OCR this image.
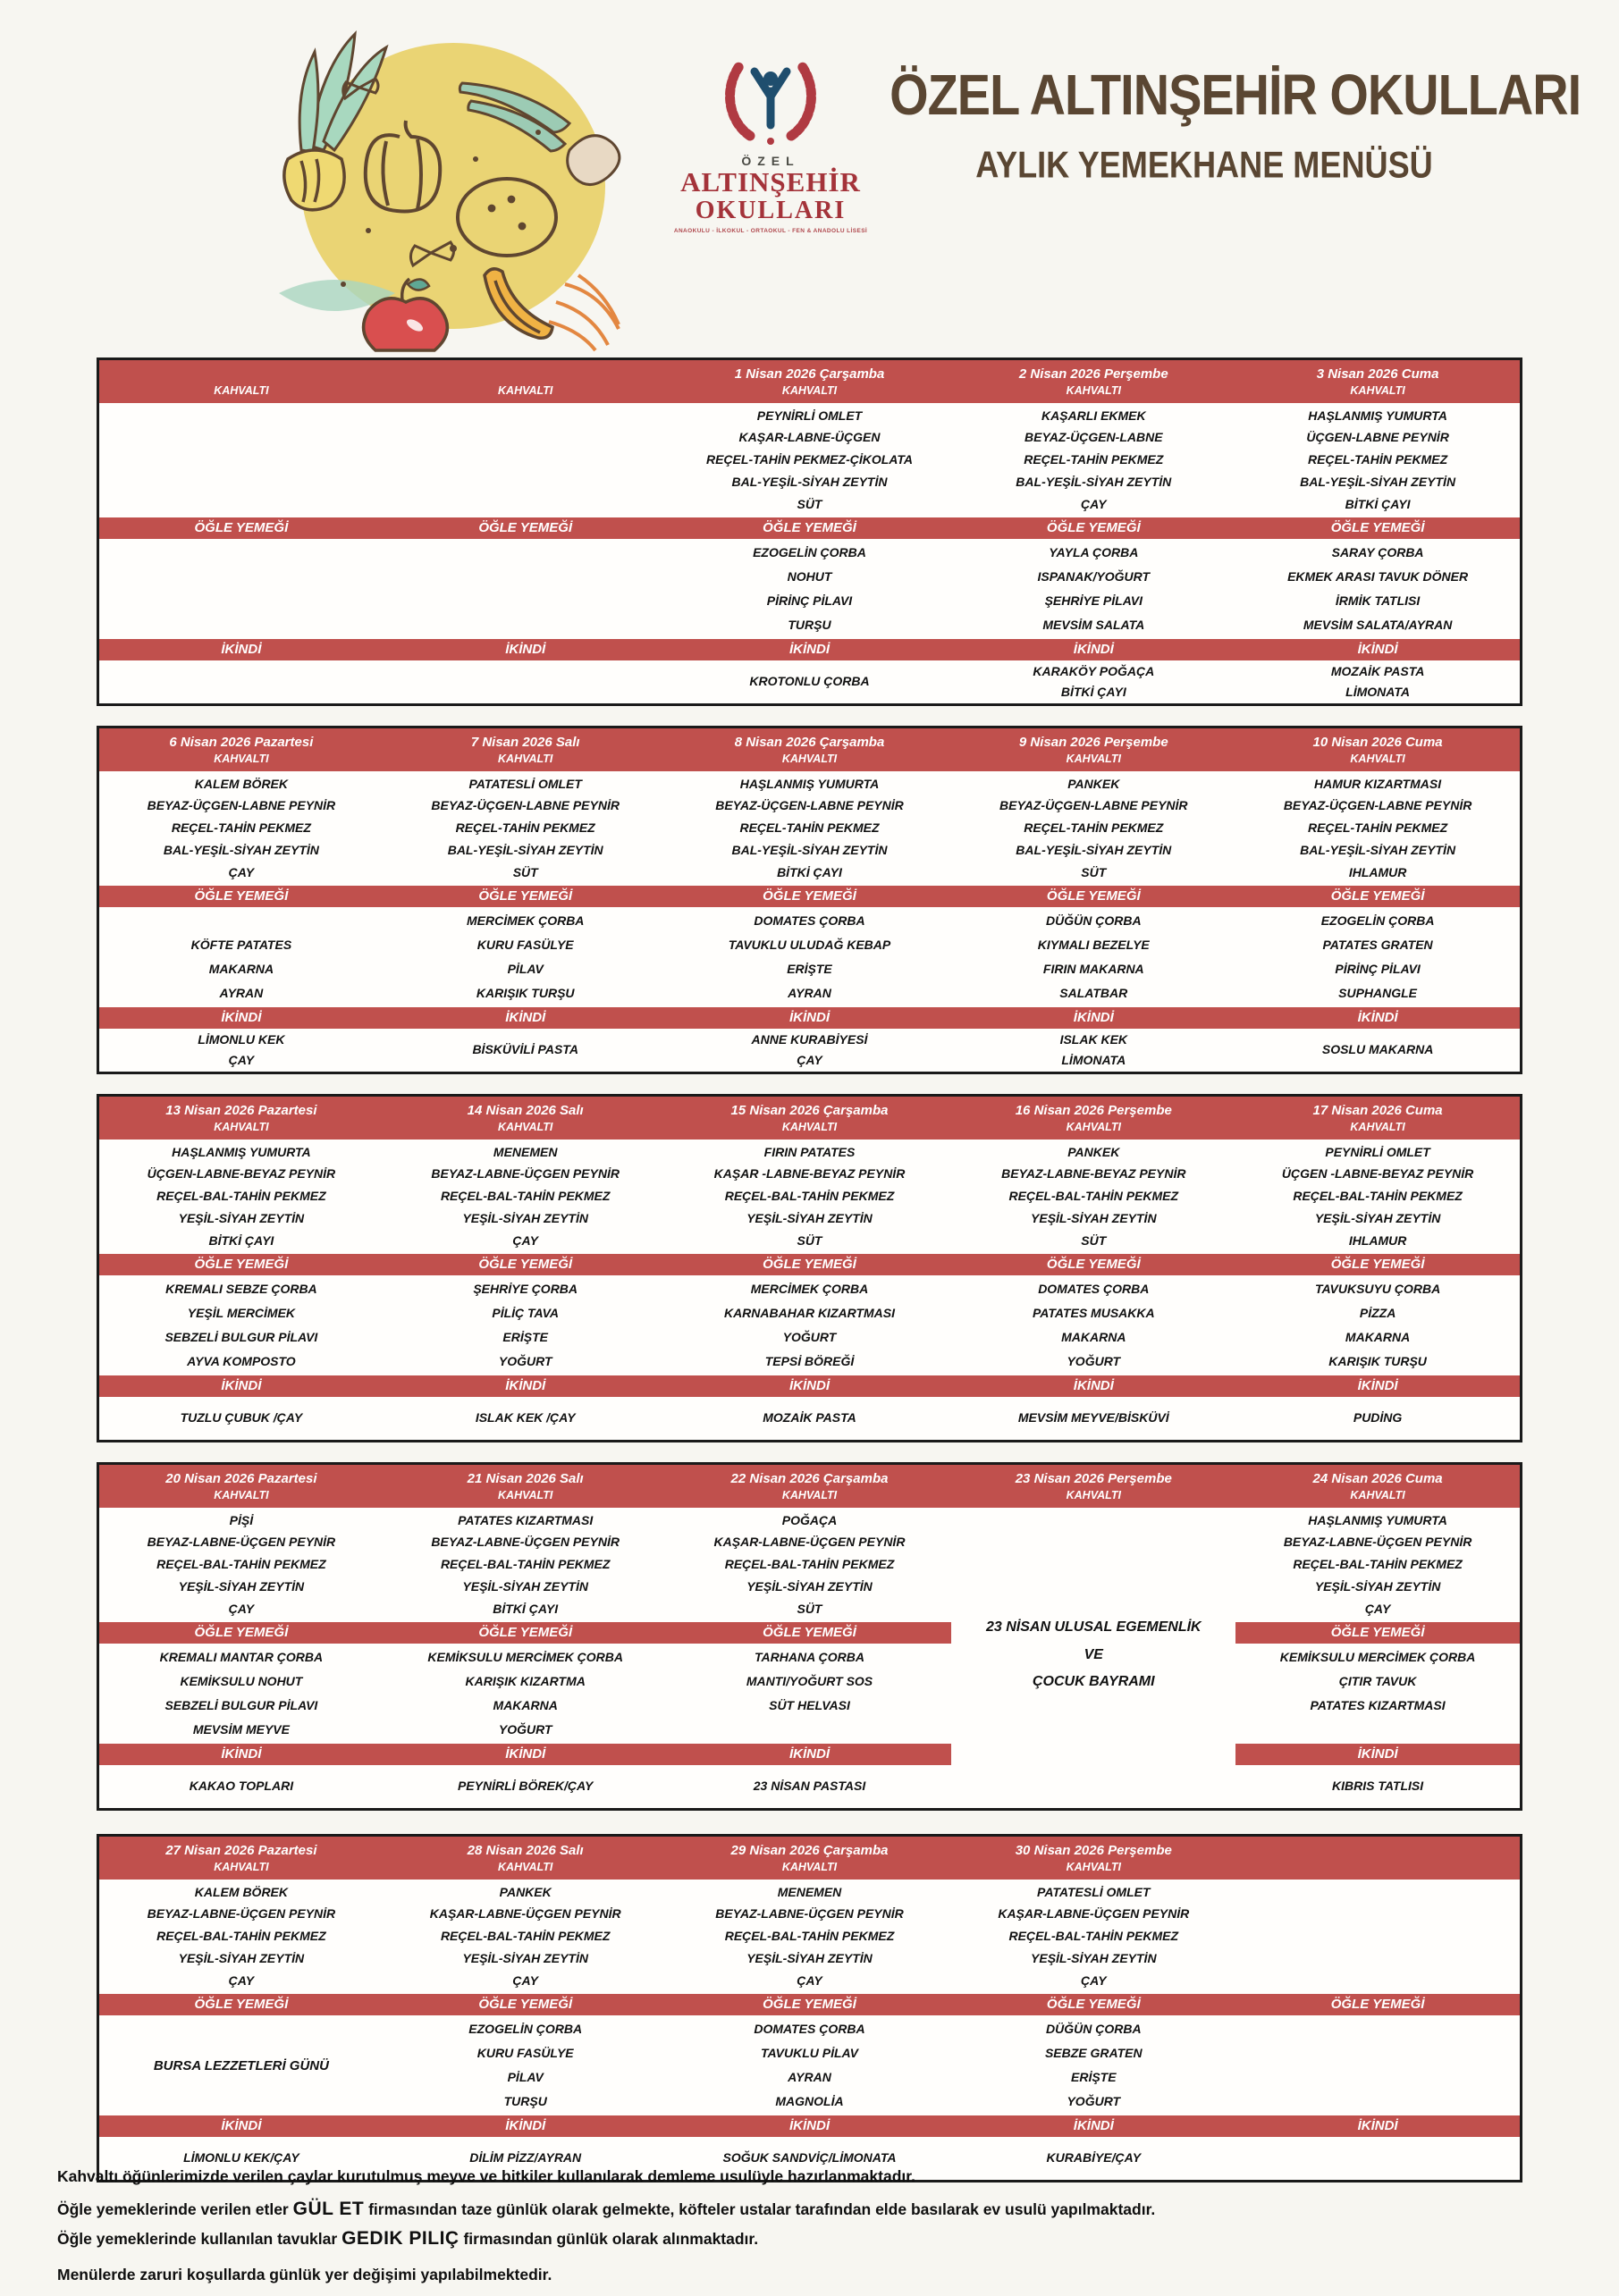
ÖZEL
ALTINŞEHİR
OKULLARI
ANAOKULU - İLKOKUL - ORTAOKUL - FEN & ANADOLU LİSESİ
ÖZEL ALTINŞEHİR OKULLARI
AYLIK YEMEKHANE MENÜSÜ

KAHVALTI
ÖĞLE YEMEĞİ
İKİNDİ

KAHVALTI
ÖĞLE YEMEĞİ
İKİNDİ
1 Nisan 2026 Çarşamba
KAHVALTI
PEYNİRLİ OMLET
KAŞAR-LABNE-ÜÇGEN
REÇEL-TAHİN PEKMEZ-ÇİKOLATA
BAL-YEŞİL-SİYAH ZEYTİN
SÜT
ÖĞLE YEMEĞİ
EZOGELİN ÇORBA
NOHUT
PİRİNÇ PİLAVI
TURŞU
İKİNDİ
KROTONLU ÇORBA
2 Nisan 2026 Perşembe
KAHVALTI
KAŞARLI EKMEK
BEYAZ-ÜÇGEN-LABNE
REÇEL-TAHİN PEKMEZ
BAL-YEŞİL-SİYAH ZEYTİN
ÇAY
ÖĞLE YEMEĞİ
YAYLA ÇORBA
ISPANAK/YOĞURT
ŞEHRİYE PİLAVI
MEVSİM SALATA
İKİNDİ
KARAKÖY POĞAÇA
BİTKİ ÇAYI
3 Nisan 2026 Cuma
KAHVALTI
HAŞLANMIŞ YUMURTA
ÜÇGEN-LABNE PEYNİR
REÇEL-TAHİN PEKMEZ
BAL-YEŞİL-SİYAH ZEYTİN
BİTKİ ÇAYI
ÖĞLE YEMEĞİ
SARAY ÇORBA
EKMEK ARASI TAVUK DÖNER
İRMİK TATLISI
MEVSİM SALATA/AYRAN
İKİNDİ
MOZAİK PASTA
LİMONATA
6 Nisan 2026 Pazartesi
KAHVALTI
KALEM BÖREK
BEYAZ-ÜÇGEN-LABNE PEYNİR
REÇEL-TAHİN PEKMEZ
BAL-YEŞİL-SİYAH ZEYTİN
ÇAY
ÖĞLE YEMEĞİ

KÖFTE PATATES
MAKARNA
AYRAN
İKİNDİ
LİMONLU KEK
ÇAY
7 Nisan 2026 Salı
KAHVALTI
PATATESLİ OMLET
BEYAZ-ÜÇGEN-LABNE PEYNİR
REÇEL-TAHİN PEKMEZ
BAL-YEŞİL-SİYAH ZEYTİN
SÜT
ÖĞLE YEMEĞİ
MERCİMEK ÇORBA
KURU FASÜLYE
PİLAV
KARIŞIK TURŞU
İKİNDİ
BİSKÜVİLİ PASTA
8 Nisan 2026 Çarşamba
KAHVALTI
HAŞLANMIŞ YUMURTA
BEYAZ-ÜÇGEN-LABNE PEYNİR
REÇEL-TAHİN PEKMEZ
BAL-YEŞİL-SİYAH ZEYTİN
BİTKİ ÇAYI
ÖĞLE YEMEĞİ
DOMATES ÇORBA
TAVUKLU ULUDAĞ KEBAP
ERİŞTE
AYRAN
İKİNDİ
ANNE KURABİYESİ
ÇAY
9 Nisan 2026 Perşembe
KAHVALTI
PANKEK
BEYAZ-ÜÇGEN-LABNE PEYNİR
REÇEL-TAHİN PEKMEZ
BAL-YEŞİL-SİYAH ZEYTİN
SÜT
ÖĞLE YEMEĞİ
DÜĞÜN ÇORBA
KIYMALI BEZELYE
FIRIN MAKARNA
SALATBAR
İKİNDİ
ISLAK KEK
LİMONATA
10 Nisan 2026 Cuma
KAHVALTI
HAMUR KIZARTMASI
BEYAZ-ÜÇGEN-LABNE PEYNİR
REÇEL-TAHİN PEKMEZ
BAL-YEŞİL-SİYAH ZEYTİN
IHLAMUR
ÖĞLE YEMEĞİ
EZOGELİN ÇORBA
PATATES GRATEN
PİRİNÇ PİLAVI
SUPHANGLE
İKİNDİ
SOSLU MAKARNA
13 Nisan 2026 Pazartesi
KAHVALTI
HAŞLANMIŞ YUMURTA
ÜÇGEN-LABNE-BEYAZ PEYNİR
REÇEL-BAL-TAHİN PEKMEZ
YEŞİL-SİYAH ZEYTİN
BİTKİ ÇAYI
ÖĞLE YEMEĞİ
KREMALI SEBZE ÇORBA
YEŞİL MERCİMEK
SEBZELİ BULGUR PİLAVI
AYVA KOMPOSTO
İKİNDİ
TUZLU ÇUBUK /ÇAY
14 Nisan 2026 Salı
KAHVALTI
MENEMEN
BEYAZ-LABNE-ÜÇGEN PEYNİR
REÇEL-BAL-TAHİN PEKMEZ
YEŞİL-SİYAH ZEYTİN
ÇAY
ÖĞLE YEMEĞİ
ŞEHRİYE ÇORBA
PİLİÇ TAVA
ERİŞTE
YOĞURT
İKİNDİ
ISLAK KEK /ÇAY
15 Nisan 2026 Çarşamba
KAHVALTI
FIRIN PATATES
KAŞAR -LABNE-BEYAZ PEYNİR
REÇEL-BAL-TAHİN PEKMEZ
YEŞİL-SİYAH ZEYTİN
SÜT
ÖĞLE YEMEĞİ
MERCİMEK ÇORBA
KARNABAHAR KIZARTMASI
YOĞURT
TEPSİ BÖREĞİ
İKİNDİ
MOZAİK PASTA
16 Nisan 2026 Perşembe
KAHVALTI
PANKEK
BEYAZ-LABNE-BEYAZ PEYNİR
REÇEL-BAL-TAHİN PEKMEZ
YEŞİL-SİYAH ZEYTİN
SÜT
ÖĞLE YEMEĞİ
DOMATES ÇORBA
PATATES MUSAKKA
MAKARNA
YOĞURT
İKİNDİ
MEVSİM MEYVE/BİSKÜVİ
17 Nisan 2026 Cuma
KAHVALTI
PEYNİRLİ OMLET
ÜÇGEN -LABNE-BEYAZ PEYNİR
REÇEL-BAL-TAHİN PEKMEZ
YEŞİL-SİYAH ZEYTİN
IHLAMUR
ÖĞLE YEMEĞİ
TAVUKSUYU ÇORBA
PİZZA
MAKARNA
KARIŞIK TURŞU
İKİNDİ
PUDİNG
20 Nisan 2026 Pazartesi
KAHVALTI
PİŞİ
BEYAZ-LABNE-ÜÇGEN PEYNİR
REÇEL-BAL-TAHİN PEKMEZ
YEŞİL-SİYAH ZEYTİN
ÇAY
ÖĞLE YEMEĞİ
KREMALI MANTAR ÇORBA
KEMİKSULU NOHUT
SEBZELİ BULGUR PİLAVI
MEVSİM MEYVE
İKİNDİ
KAKAO TOPLARI
21 Nisan 2026 Salı
KAHVALTI
PATATES KIZARTMASI
BEYAZ-LABNE-ÜÇGEN PEYNİR
REÇEL-BAL-TAHİN PEKMEZ
YEŞİL-SİYAH ZEYTİN
BİTKİ ÇAYI
ÖĞLE YEMEĞİ
KEMİKSULU MERCİMEK ÇORBA
KARIŞIK KIZARTMA
MAKARNA
YOĞURT
İKİNDİ
PEYNİRLİ BÖREK/ÇAY
22 Nisan 2026 Çarşamba
KAHVALTI
POĞAÇA
KAŞAR-LABNE-ÜÇGEN PEYNİR
REÇEL-BAL-TAHİN PEKMEZ
YEŞİL-SİYAH ZEYTİN
SÜT
ÖĞLE YEMEĞİ
TARHANA ÇORBA
MANTI/YOĞURT SOS
SÜT HELVASI

İKİNDİ
23 NİSAN PASTASI
23 Nisan 2026 Perşembe
KAHVALTI
23 NİSAN ULUSAL EGEMENLİK
VE
ÇOCUK BAYRAMI
24 Nisan 2026 Cuma
KAHVALTI
HAŞLANMIŞ YUMURTA
BEYAZ-LABNE-ÜÇGEN PEYNİR
REÇEL-BAL-TAHİN PEKMEZ
YEŞİL-SİYAH ZEYTİN
ÇAY
ÖĞLE YEMEĞİ
KEMİKSULU MERCİMEK ÇORBA
ÇITIR TAVUK
PATATES KIZARTMASI

İKİNDİ
KIBRIS TATLISI
27 Nisan 2026 Pazartesi
KAHVALTI
KALEM BÖREK
BEYAZ-LABNE-ÜÇGEN PEYNİR
REÇEL-BAL-TAHİN PEKMEZ
YEŞİL-SİYAH ZEYTİN
ÇAY
ÖĞLE YEMEĞİ
BURSA LEZZETLERİ GÜNÜ
İKİNDİ
LİMONLU KEK/ÇAY
28 Nisan 2026 Salı
KAHVALTI
PANKEK
KAŞAR-LABNE-ÜÇGEN PEYNİR
REÇEL-BAL-TAHİN PEKMEZ
YEŞİL-SİYAH ZEYTİN
ÇAY
ÖĞLE YEMEĞİ
EZOGELİN ÇORBA
KURU FASÜLYE
PİLAV
TURŞU
İKİNDİ
DİLİM PİZZ/AYRAN
29 Nisan 2026 Çarşamba
KAHVALTI
MENEMEN
BEYAZ-LABNE-ÜÇGEN PEYNİR
REÇEL-BAL-TAHİN PEKMEZ
YEŞİL-SİYAH ZEYTİN
ÇAY
ÖĞLE YEMEĞİ
DOMATES ÇORBA
TAVUKLU PİLAV
AYRAN
MAGNOLİA
İKİNDİ
SOĞUK SANDVİÇ/LİMONATA
30 Nisan 2026 Perşembe
KAHVALTI
PATATESLİ OMLET
KAŞAR-LABNE-ÜÇGEN PEYNİR
REÇEL-BAL-TAHİN PEKMEZ
YEŞİL-SİYAH ZEYTİN
ÇAY
ÖĞLE YEMEĞİ
DÜĞÜN ÇORBA
SEBZE GRATEN
ERİŞTE
YOĞURT
İKİNDİ
KURABİYE/ÇAY

ÖĞLE YEMEĞİ
İKİNDİ
Kahvaltı öğünlerimizde verilen çaylar kurutulmuş meyve ve bitkiler kullanılarak demleme usulüyle hazırlanmaktadır.
Öğle yemeklerinde verilen etler GÜL ET firmasından taze günlük olarak gelmekte, köfteler ustalar tarafından elde basılarak ev usulü yapılmaktadır.
Öğle yemeklerinde kullanılan tavuklar GEDIK PILIÇ firmasından günlük olarak alınmaktadır.
Menülerde zaruri koşullarda günlük yer değişimi yapılabilmektedir.
